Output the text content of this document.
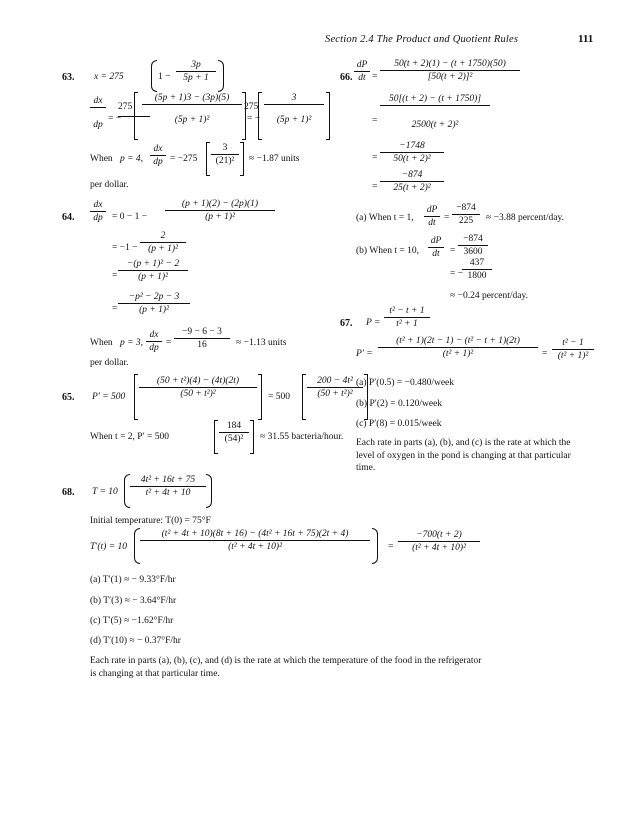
Section 2.4 The Product and Quotient Rules	111
63. x = 275	$1 - \frac{3p}{5p + 1}$
$\frac{dx}{dp}$ = −
$275 \frac{(5p + 1)3 - (3p)(5)}{\text{(5p + 1)²}}$ = −
$275 \frac{3}{\text{(5p + 1)²}}$
When p = 4, $\frac{dx}{dp} = -275 \frac{3}{\text{(21)²}} \approx -1.87$ units
per dollar.
64. $\frac{dx}{dp} = 0 - 1 - \frac{(p + 1)(2) - (2p)(1)}{\text{(p + 1)²}}$
= $-1 - \frac{2}{\text{(p + 1)²}}$
= $\frac{\text{−(p + 1)² − 2}}{\text{(p + 1)²}}$
= $\frac{\text{−p² − 2p − 3}}{\text{(p + 1)²}}$
When p = 3, $\frac{dx}{dp} = \frac{-9 - 6 - 3}{16} \approx -1.13$ units
per dollar.
65. $P' = 500 \frac{\text{(50 + t²)(4) − (4t)(2t)}}{\text{(50 + t²)²}} = 500 \frac{\text{200 − 4t²}}{\text{(50 + t²)²}}$
When t = 2, P′ = 500	$\frac{184}{\text{(54)²}} \approx 31.55$ bacteria/hour.
66. $\frac{dP}{dt} = \frac{50(t + 2)(1) - (t + 1750)(50)}{\text{[50(t + 2)]²}}$
= $\frac{50[(t + 2) - (t + 1750)]}{\text{2500(t + 2)²}}$
= $\frac{-1748}{\text{50(t + 2)²}}$
= $\frac{-874}{\text{25(t + 2)²}}$
(a) When t = 1, $\frac{dP}{dt} = \frac{-874}{225} \approx -3.88$ percent/day.
(b) When t = 10, $\frac{dP}{dt} = \frac{-874}{3600}$
= −
$\frac{437}{1800}$
≈ −0.24 percent/day.
67. $P = \frac{\text{t² − t + 1}}{\text{t² + 1}}$
$P' = \frac{\text{(t² + 1)(2t − 1) − (t² − t + 1)(2t)}}{\text{(t² + 1)²}} = \frac{\text{t² − 1}}{\text{(t² + 1)²}}$
(a) P′(0.5) = −0.480/week
(b) P′(2) = 0.120/week
(c) P′(8) = 0.015/week
Each rate in parts (a), (b), and (c) is the rate at which the
level of oxygen in the pond is changing at that particular
time.
68. $T = 10 \frac{\text{4t² + 16t + 75}}{\text{t² + 4t + 10}}$
Initial temperature: T(0) = 75°F
$T'(t) = 10 \frac{\text{(t² + 4t + 10)(8t + 16) − (4t² + 16t + 75)(2t + 4)}}{\text{(t² + 4t + 10)²}} = \frac{-700(t + 2)}{\text{(t² + 4t + 10)²}}$
(a) T′(1) ≈ − 9.33°F/hr
(b) T′(3) ≈ − 3.64°F/hr
(c) T′(5) ≈ −1.62°F/hr
(d) T′(10) ≈ − 0.37°F/hr
Each rate in parts (a), (b), (c), and (d) is the rate at which the temperature of the food in the refrigerator
is changing at that particular time.
